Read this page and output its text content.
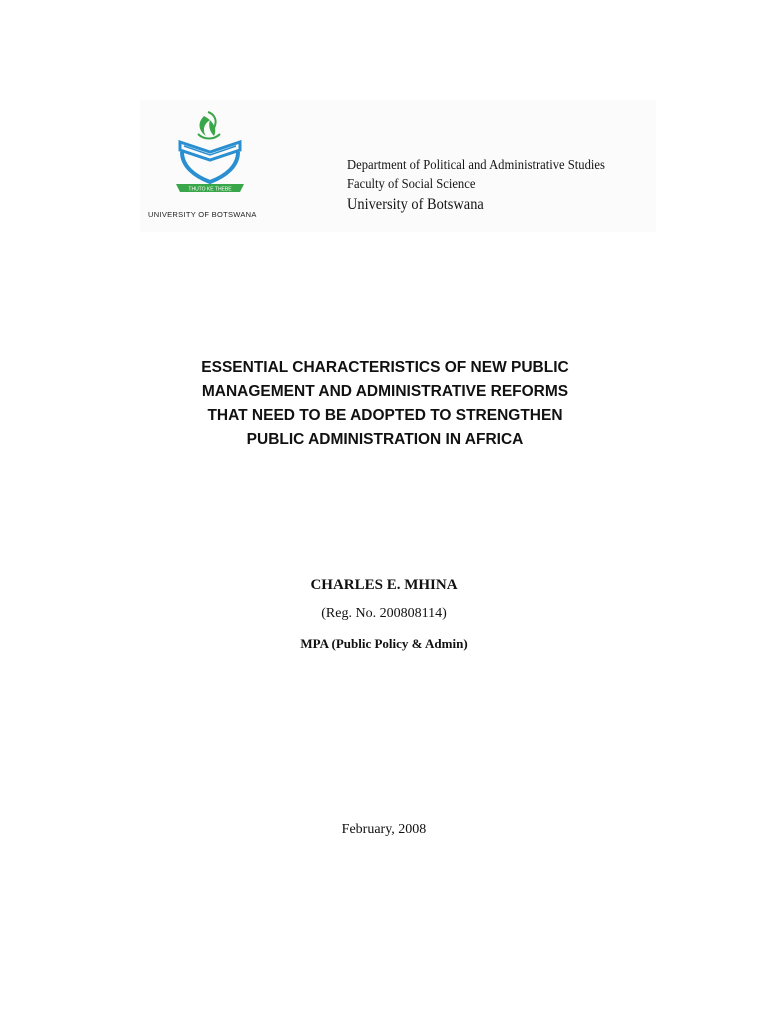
THUTO KE THEBE
UNIVERSITY OF BOTSWANA
Department of Political and Administrative Studies
Faculty of Social Science
University of Botswana
ESSENTIAL CHARACTERISTICS OF NEW PUBLIC
MANAGEMENT AND ADMINISTRATIVE REFORMS
THAT NEED TO BE ADOPTED TO STRENGTHEN
PUBLIC ADMINISTRATION IN AFRICA
CHARLES E. MHINA
(Reg. No. 200808114)
MPA (Public Policy & Admin)
February, 2008
